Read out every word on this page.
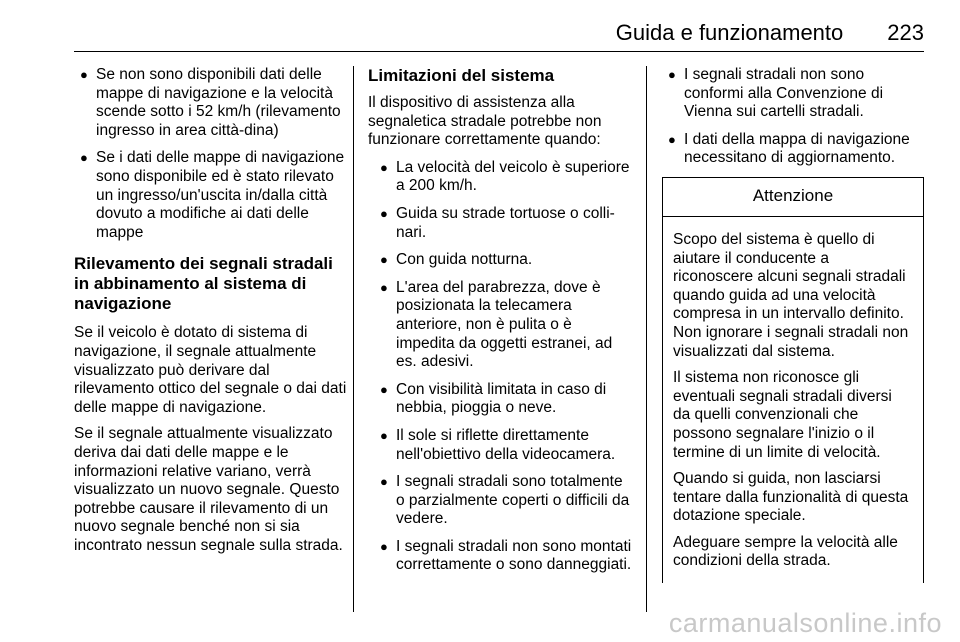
Guida e funzionamento 223
● Se non sono disponibili dati delle mappe di navigazione e la velocità scende sotto i 52 km/h (rilevamento ingresso in area città-dina)
● Se i dati delle mappe di navigazione sono disponibile ed è stato rilevato un ingresso/un'uscita in/dalla città dovuto a modifiche ai dati delle mappe
Rilevamento dei segnali stradali in abbinamento al sistema di navigazione
Se il veicolo è dotato di sistema di navigazione, il segnale attualmente visualizzato può derivare dal rilevamento ottico del segnale o dai dati delle mappe di navigazione.
Se il segnale attualmente visualizzato deriva dai dati delle mappe e le informazioni relative variano, verrà visualizzato un nuovo segnale. Questo potrebbe causare il rilevamento di un nuovo segnale benché non si sia incontrato nessun segnale sulla strada.
Limitazioni del sistema
Il dispositivo di assistenza alla segnaletica stradale potrebbe non funzionare correttamente quando:
● La velocità del veicolo è superiore a 200 km/h.
● Guida su strade tortuose o colli-nari.
● Con guida notturna.
● L'area del parabrezza, dove è posizionata la telecamera anteriore, non è pulita o è impedita da oggetti estranei, ad es. adesivi.
● Con visibilità limitata in caso di nebbia, pioggia o neve.
● Il sole si riflette direttamente nell'obiettivo della videocamera.
● I segnali stradali sono totalmente o parzialmente coperti o difficili da vedere.
● I segnali stradali non sono montati correttamente o sono danneggiati.
● I segnali stradali non sono conformi alla Convenzione di Vienna sui cartelli stradali.
● I dati della mappa di navigazione necessitano di aggiornamento.
Attenzione
Scopo del sistema è quello di aiutare il conducente a riconoscere alcuni segnali stradali quando guida ad una velocità compresa in un intervallo definito. Non ignorare i segnali stradali non visualizzati dal sistema.
Il sistema non riconosce gli eventuali segnali stradali diversi da quelli convenzionali che possono segnalare l'inizio o il termine di un limite di velocità.
Quando si guida, non lasciarsi tentare dalla funzionalità di questa dotazione speciale.
Adeguare sempre la velocità alle condizioni della strada.
carmanualsonline.info
